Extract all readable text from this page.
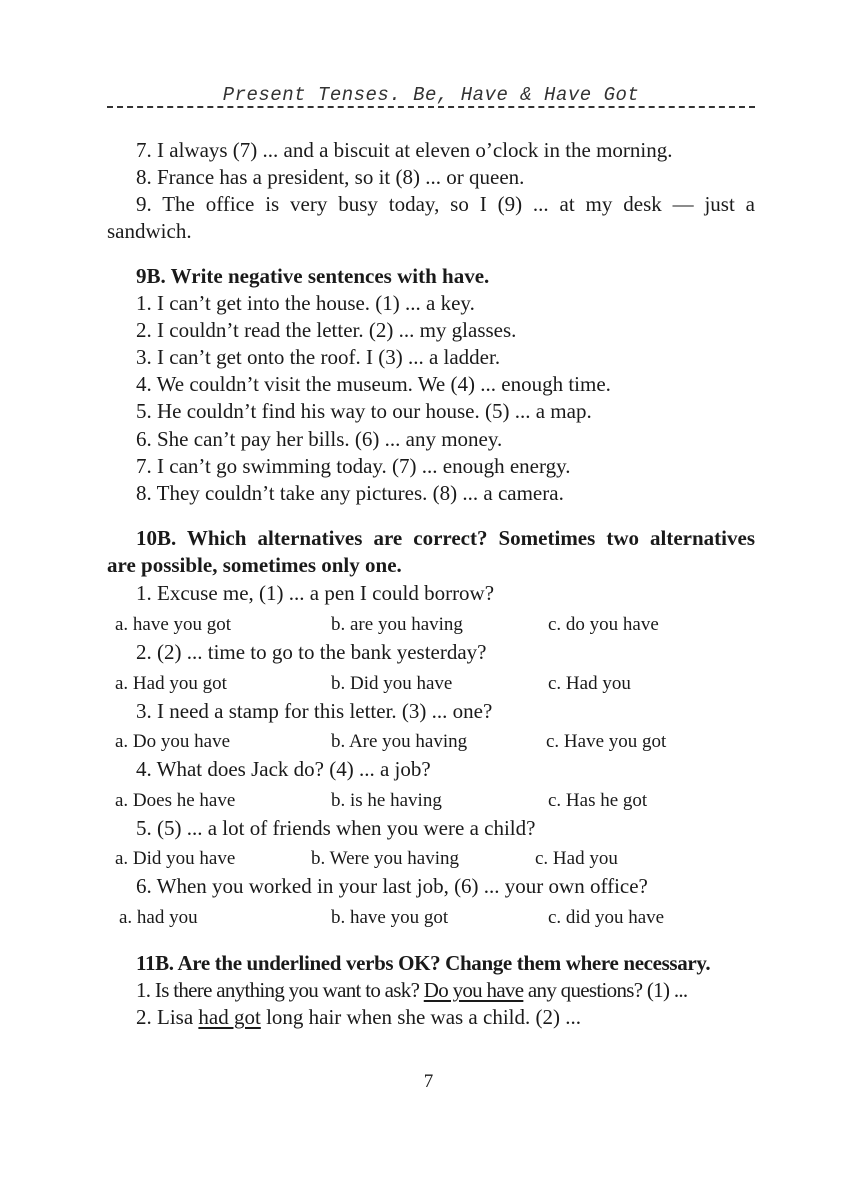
Present Tenses. Be, Have & Have Got
7. I always (7) ... and a biscuit at eleven o’clock in the morning.
8. France has a president, so it (8) ... or queen.
9. The office is very busy today, so I (9) ... at my desk — just a
sandwich.
9B. Write negative sentences with have.
1. I can’t get into the house. (1) ... a key.
2. I couldn’t read the letter. (2) ... my glasses.
3. I can’t get onto the roof. I (3) ... a ladder.
4. We couldn’t visit the museum. We (4) ... enough time.
5. He couldn’t find his way to our house. (5) ... a map.
6. She can’t pay her bills. (6) ... any money.
7. I can’t go swimming today. (7) ... enough energy.
8. They couldn’t take any pictures. (8) ... a camera.
10B. Which alternatives are correct? Sometimes two alternatives
are possible, sometimes only one.
1. Excuse me, (1) ... a pen I could borrow?
a. have you got	b. are you having	c. do you have
2. (2) ... time to go to the bank yesterday?
a. Had you got	b. Did you have	c. Had you
3. I need a stamp for this letter. (3) ... one?
a. Do you have	b. Are you having	c. Have you got
4. What does Jack do? (4) ... a job?
a. Does he have	b. is he having	c. Has he got
5. (5) ... a lot of friends when you were a child?
a. Did you have	b. Were you having	c. Had you
6. When you worked in your last job, (6) ... your own office?
a. had you	b. have you got	c. did you have
11B. Are the underlined verbs OK? Change them where necessary.
1. Is there anything you want to ask? Do you have any questions? (1) ...
2. Lisa had got long hair when she was a child. (2) ...
7
